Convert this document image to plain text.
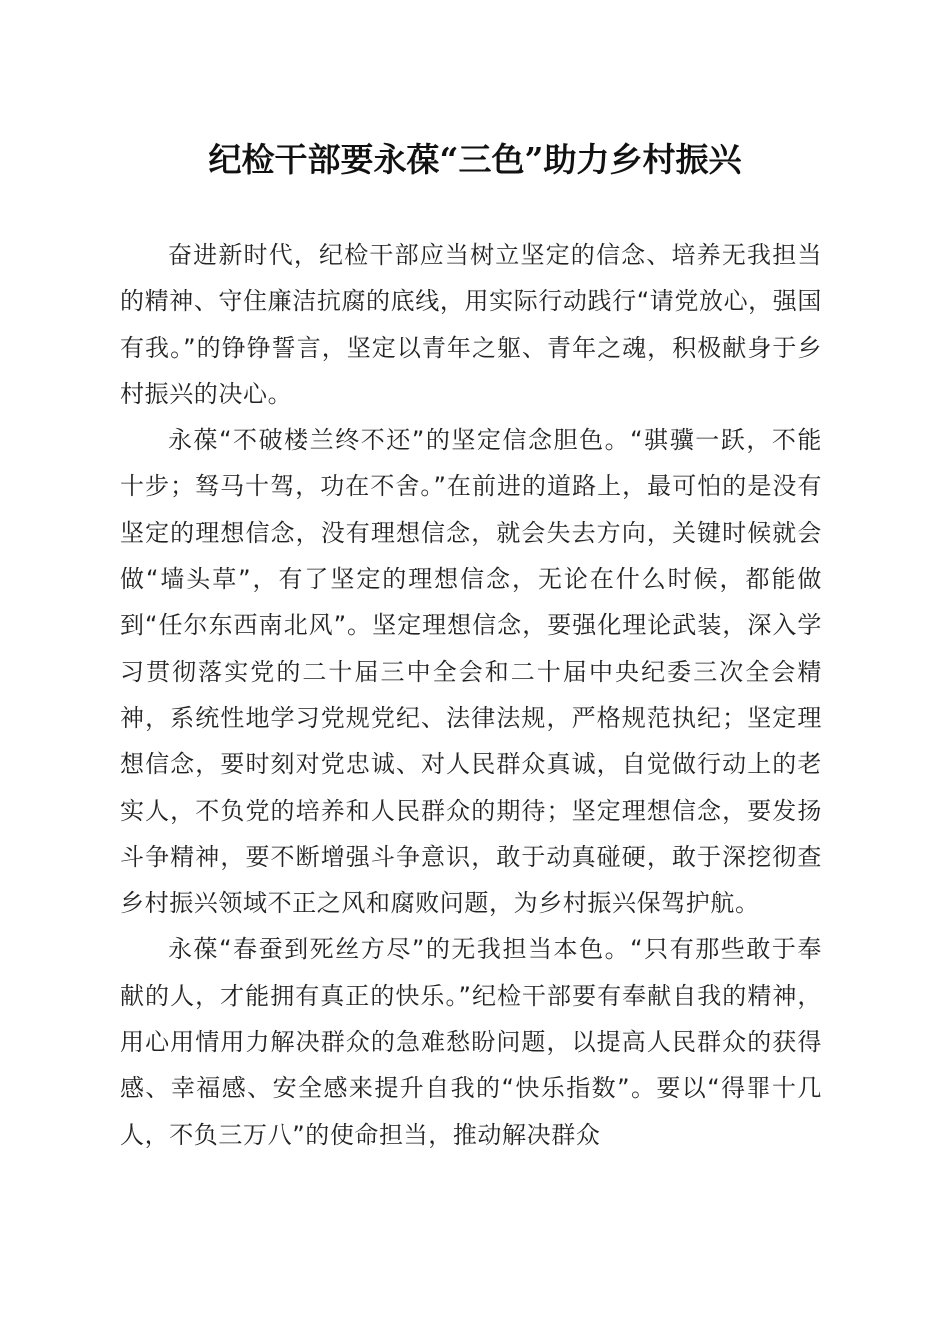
纪检干部要永葆“三色”助力乡村振兴

奋进新时代，纪检干部应当树立坚定的信念、培养无我担当的精神、守住廉洁抗腐的底线，用实际行动践行“请党放心，强国有我。”的铮铮誓言，坚定以青年之躯、青年之魂，积极献身于乡村振兴的决心。

永葆“不破楼兰终不还”的坚定信念胆色。“骐骥一跃，不能十步；驽马十驾，功在不舍。”在前进的道路上，最可怕的是没有坚定的理想信念，没有理想信念，就会失去方向，关键时候就会做“墙头草”，有了坚定的理想信念，无论在什么时候，都能做到“任尔东西南北风”。坚定理想信念，要强化理论武装，深入学习贯彻落实党的二十届三中全会和二十届中央纪委三次全会精神，系统性地学习党规党纪、法律法规，严格规范执纪；坚定理想信念，要时刻对党忠诚、对人民群众真诚，自觉做行动上的老实人，不负党的培养和人民群众的期待；坚定理想信念，要发扬斗争精神，要不断增强斗争意识，敢于动真碰硬，敢于深挖彻查乡村振兴领域不正之风和腐败问题，为乡村振兴保驾护航。

永葆“春蚕到死丝方尽”的无我担当本色。“只有那些敢于奉献的人，才能拥有真正的快乐。”纪检干部要有奉献自我的精神，用心用情用力解决群众的急难愁盼问题，以提高人民群众的获得感、幸福感、安全感来提升自我的“快乐指数”。要以“得罪十几人，不负三万八”的使命担当，推动解决群众
